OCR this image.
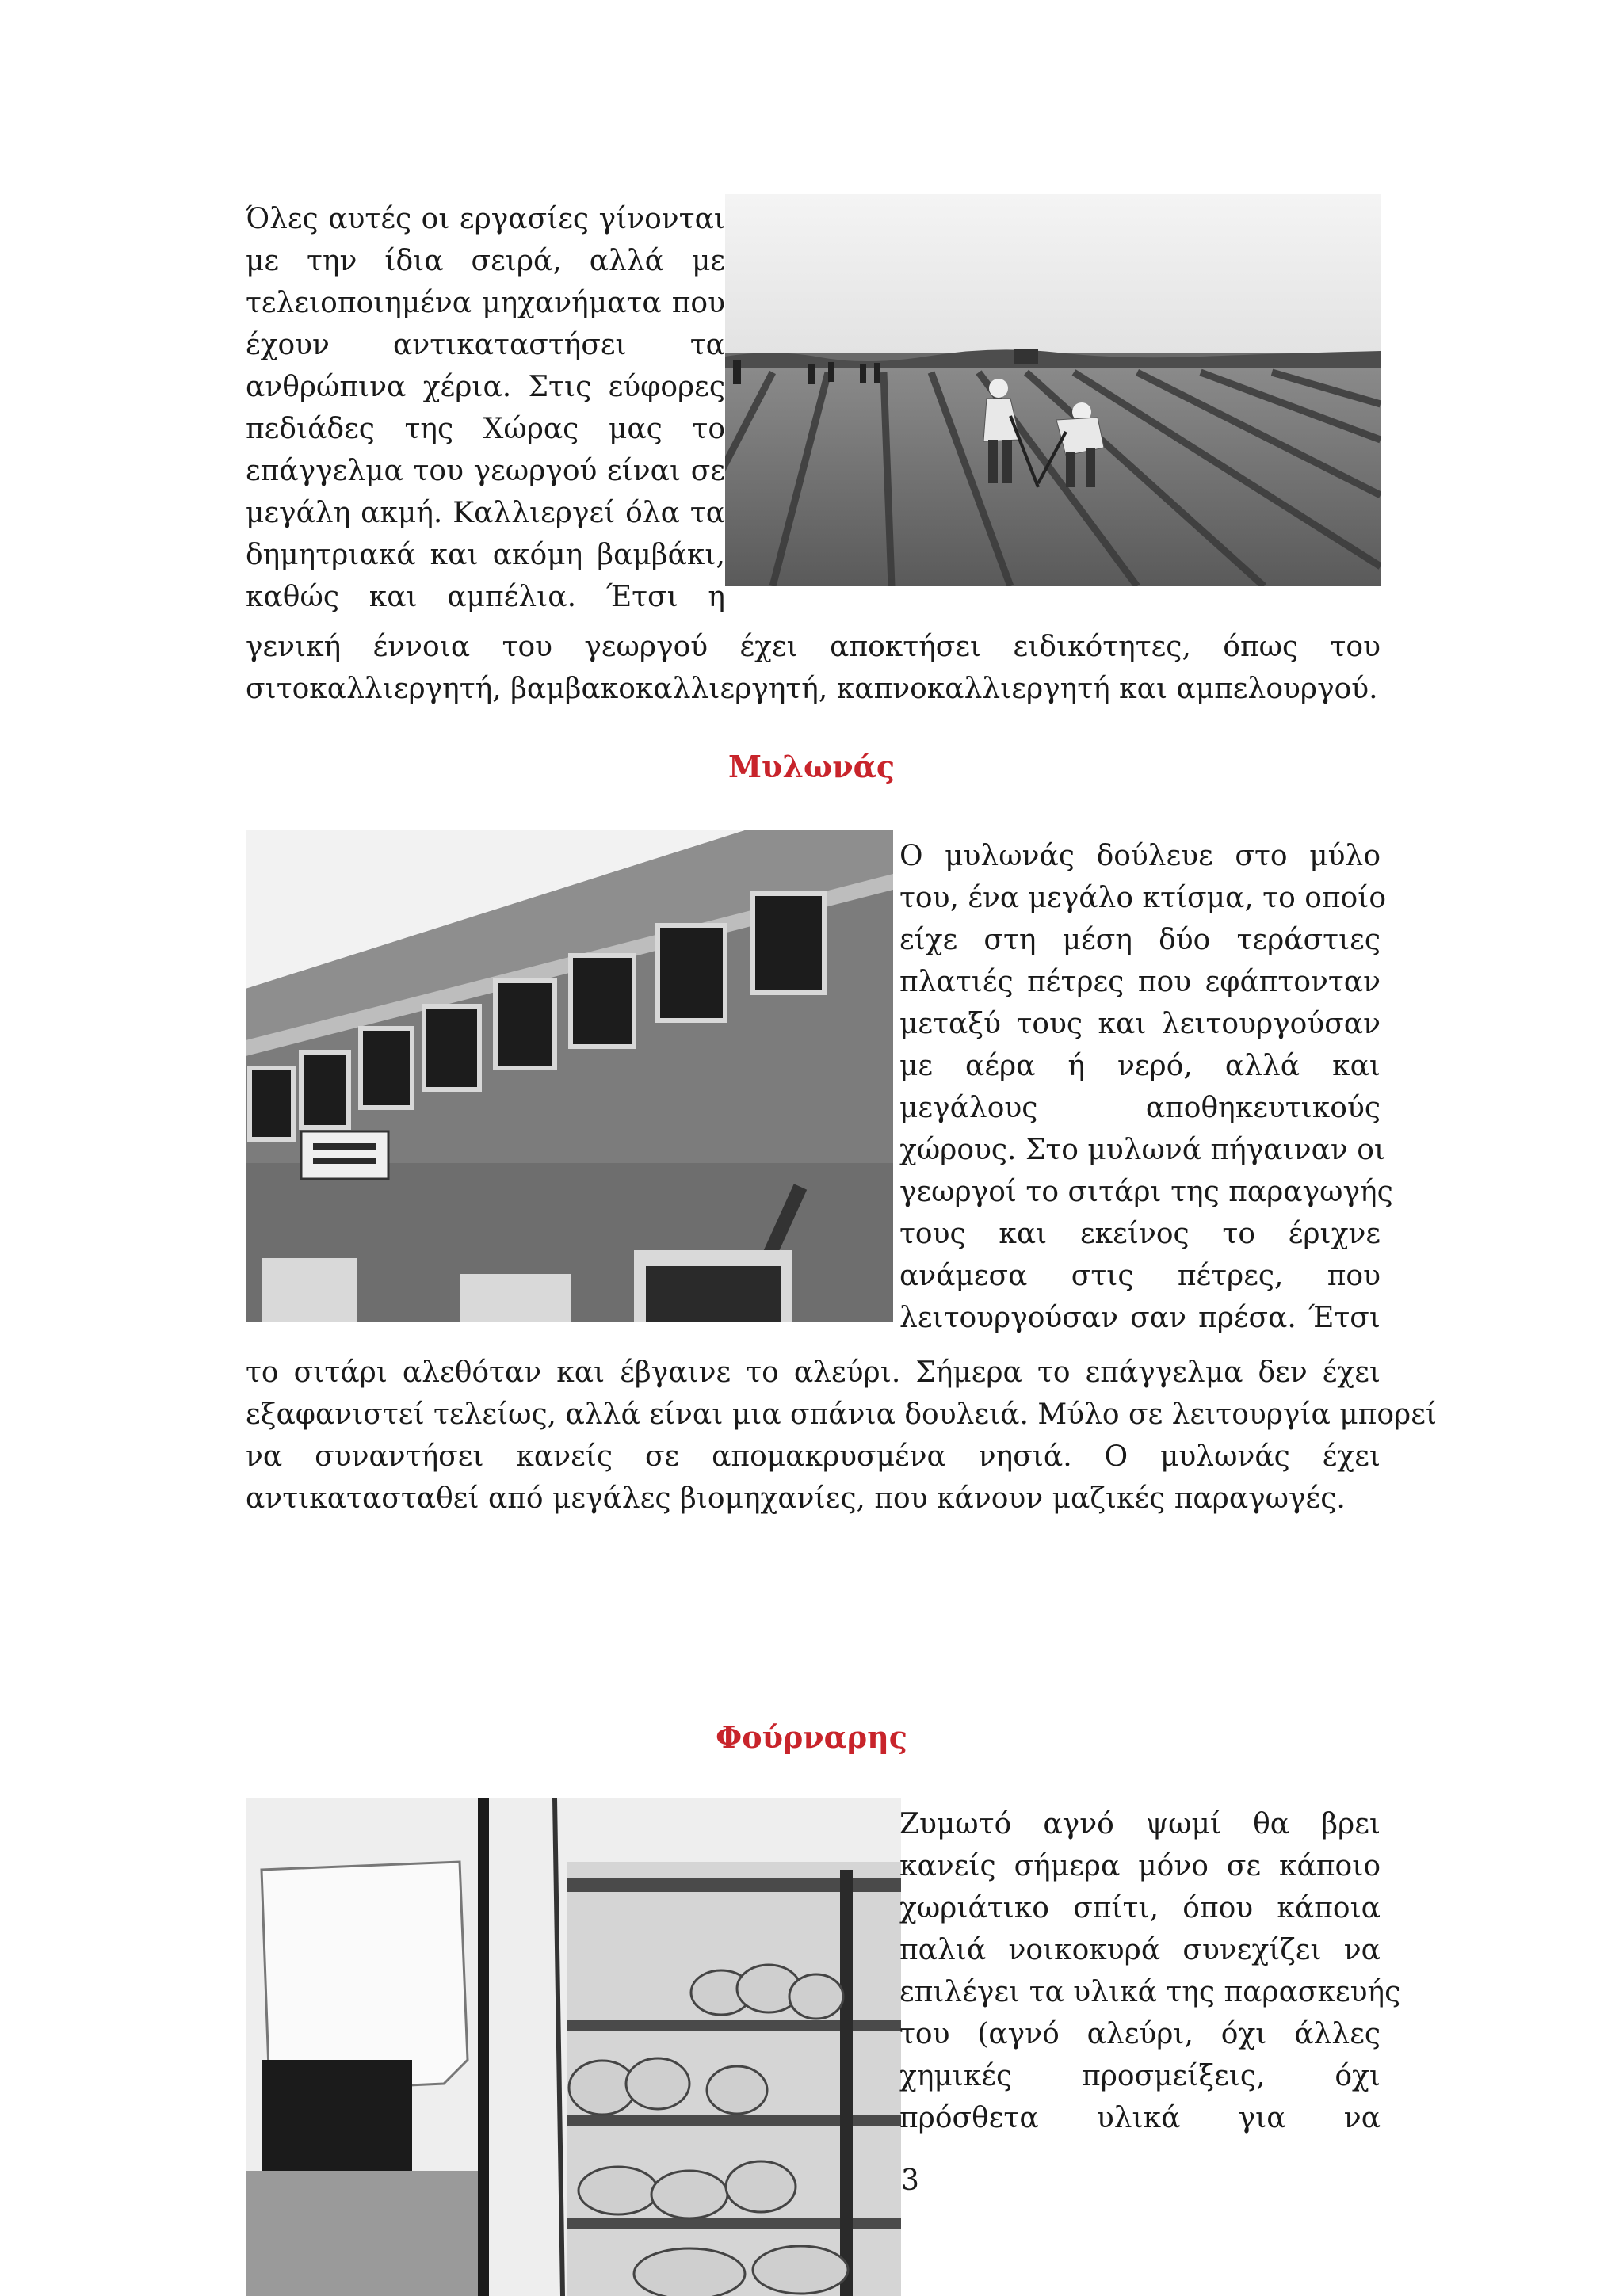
Όλες αυτές οι εργασίες γίνονται
με την ίδια σειρά, αλλά με
τελειοποιημένα μηχανήματα που
έχουν αντικαταστήσει τα
ανθρώπινα χέρια. Στις εύφορες
πεδιάδες της Χώρας μας το
επάγγελμα του γεωργού είναι σε
μεγάλη ακμή. Καλλιεργεί όλα τα
δημητριακά και ακόμη βαμβάκι,
καθώς και αμπέλια. Έτσι η
γενική έννοια του γεωργού έχει αποκτήσει ειδικότητες, όπως του
σιτοκαλλιεργητή, βαμβακοκαλλιεργητή, καπνοκαλλιεργητή και αμπελουργού.
Μυλωνάς
Ο μυλωνάς δούλευε στο μύλο
του, ένα μεγάλο κτίσμα, το οποίο
είχε στη μέση δύο τεράστιες
πλατιές πέτρες που εφάπτονταν
μεταξύ τους και λειτουργούσαν
με αέρα ή νερό, αλλά και
μεγάλους αποθηκευτικούς
χώρους. Στο μυλωνά πήγαιναν οι
γεωργοί το σιτάρι της παραγωγής
τους και εκείνος το έριχνε
ανάμεσα στις πέτρες, που
λειτουργούσαν σαν πρέσα. Έτσι
το σιτάρι αλεθόταν και έβγαινε το αλεύρι. Σήμερα το επάγγελμα δεν έχει
εξαφανιστεί τελείως, αλλά είναι μια σπάνια δουλειά. Μύλο σε λειτουργία μπορεί
να συναντήσει κανείς σε απομακρυσμένα νησιά. Ο μυλωνάς έχει
αντικατασταθεί από μεγάλες βιομηχανίες, που κάνουν μαζικές παραγωγές.
Φούρναρης
Ζυμωτό αγνό ψωμί θα βρει
κανείς σήμερα μόνο σε κάποιο
χωριάτικο σπίτι, όπου κάποια
παλιά νοικοκυρά συνεχίζει να
επιλέγει τα υλικά της παρασκευής
του (αγνό αλεύρι, όχι άλλες
χημικές προσμείξεις, όχι
πρόσθετα υλικά για να
3
